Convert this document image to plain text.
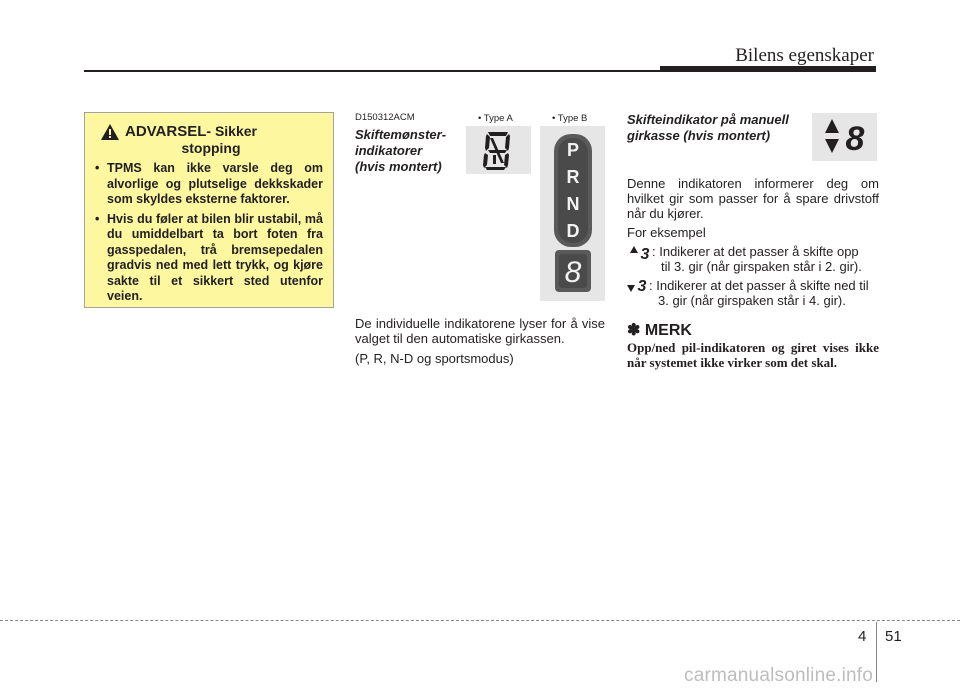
Bilens egenskaper
ADVARSEL- Sikker
stopping
• TPMS kan ikke varsle deg om alvorlige og plutselige dekkskader som skyldes eksterne faktorer.
• Hvis du føler at bilen blir ustabil, må du umiddelbart ta bort foten fra gasspedalen, trå bremsepedalen gradvis ned med lett trykk, og kjøre sakte til et sikkert sted utenfor veien.
D150312ACM
Skiftemønster-indikatorer (hvis montert)
• Type A	• Type B
P
R
N
D
8

De individuelle indikatorene lyser for å vise valget til den automatiske girkassen.

(P, R, N-D og sportsmodus)

Skifteindikator på manuell girkasse (hvis montert)	8

Denne indikatoren informerer deg om hvilket gir som passer for å spare drivstoff når du kjører.

For eksempel

3 : Indikerer at det passer å skifte opp
til 3. gir (når girspaken står i 2. gir).
3 : Indikerer at det passer å skifte ned til
3. gir (når girspaken står i 4. gir).
✽ MERK
Opp/ned pil-indikatoren og giret vises ikke når systemet ikke virker som det skal.
4 51
carmanualsonline.info
